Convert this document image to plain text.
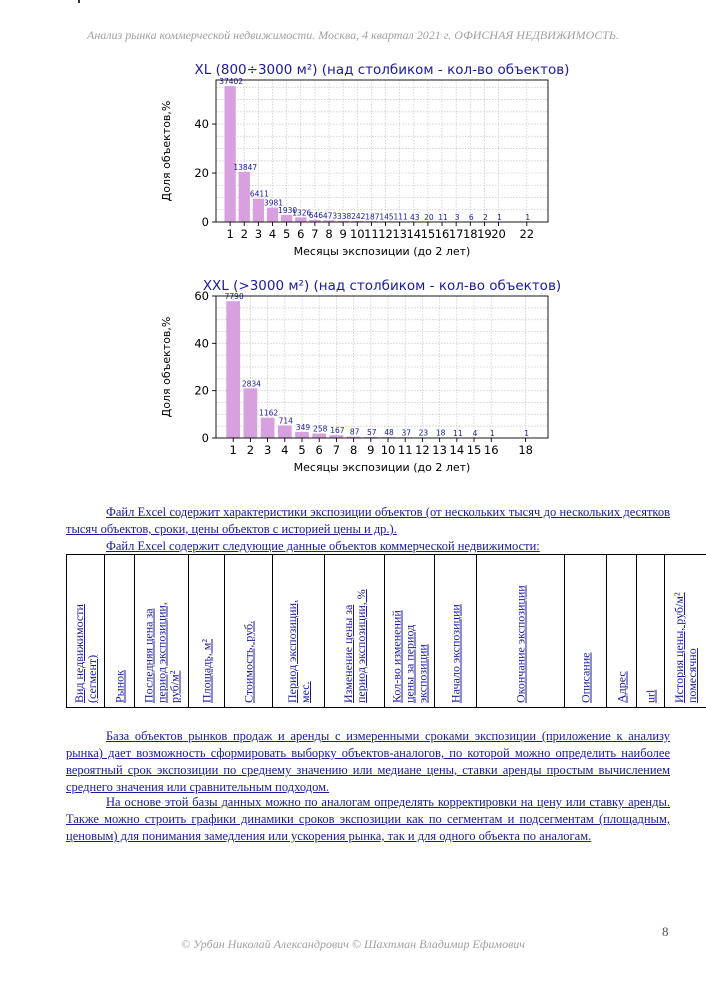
Анализ рынка коммерческой недвижимости. Москва, 4 квартал 2021 г. ОФИСНАЯ НЕДВИЖИМОСТЬ.
XL (800÷3000 м²) (над столбиком - кол-во объектов)
37402
13847
6411
3981
1930
1326
646 473 338 242 187 145 111 43 20 11 3 6 2 1	1
0
20
40
1 2 3 4 5 6 7 8 9 10 11 12 13 14 15 16 17 18 19 20 22
Месяцы экспозиции (до 2 лет)
Доля объектов,%
XXL (>3000 м²) (над столбиком - кол-во объектов)
7790
2834
1162
714
349 258 167 87 57 48 37 23 18 11 4 1	1
0
20
40
60
1 2 3 4 5 6 7 8 9 10 11 12 13 14 15 16 18
Месяцы экспозиции (до 2 лет)
Доля объектов,%
Файл Excel содержит характеристики экспозиции объектов (от нескольких тысяч до нескольких десятков тысяч объектов, сроки, цены объектов с историей цены и др.).
Файл Excel содержит следующие данные объектов коммерческой недвижимости:
Вид недвижимости
(сегмент)	Рынок	Последняя цена за
период экспозиции,
руб/м²	Площадь, м²	Стоимость, руб.	Период экспозиции,
мес.	Изменение цены за
период экспозиции, %	Кол-во изменений
цены за период
экспозиции	Начало экспозиции	Окончание экспозиции	Описание	Адрес	url	История цены, руб/м²
помесячно
База объектов рынков продаж и аренды с измеренными сроками экспозиции (приложение к анализу рынка) дает возможность сформировать выборку объектов-аналогов, по которой можно определить наиболее вероятный срок экспозиции по среднему значению или медиане цены, ставки аренды простым вычислением среднего значения или сравнительным подходом.
На основе этой базы данных можно по аналогам определять корректировки на цену или ставку аренды. Также можно строить графики динамики сроков экспозиции как по сегментам и подсегментам (площадным, ценовым) для понимания замедления или ускорения рынка, так и для одного объекта по аналогам.
8
© Урбан Николай Александрович © Шахтман Владимир Ефимович
